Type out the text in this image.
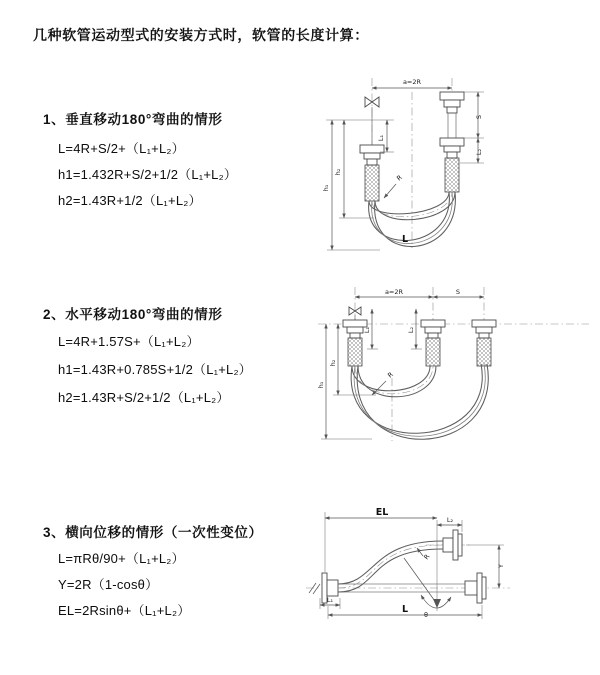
几种软管运动型式的安装方式时，软管的长度计算：
1、垂直移动180°弯曲的情形
L=4R+S/2+（L₁+L₂）
h1=1.432R+S/2+1/2（L₁+L₂）
h2=1.43R+1/2（L₁+L₂）
2、水平移动180°弯曲的情形
L=4R+1.57S+（L₁+L₂）
h1=1.43R+0.785S+1/2（L₁+L₂）
h2=1.43R+S/2+1/2（L₁+L₂）
3、横向位移的情形（一次性变位）
L=πRθ/90+（L₁+L₂）
Y=2R（1-cosθ）
EL=2Rsinθ+（L₁+L₂）
a=2R
h₁
h₂
L₁
S
L₂
R
L
a=2R	S
L₁	L₂
h₁
h₂
R
θ
R
EL
L₂
Y
L
L₁
